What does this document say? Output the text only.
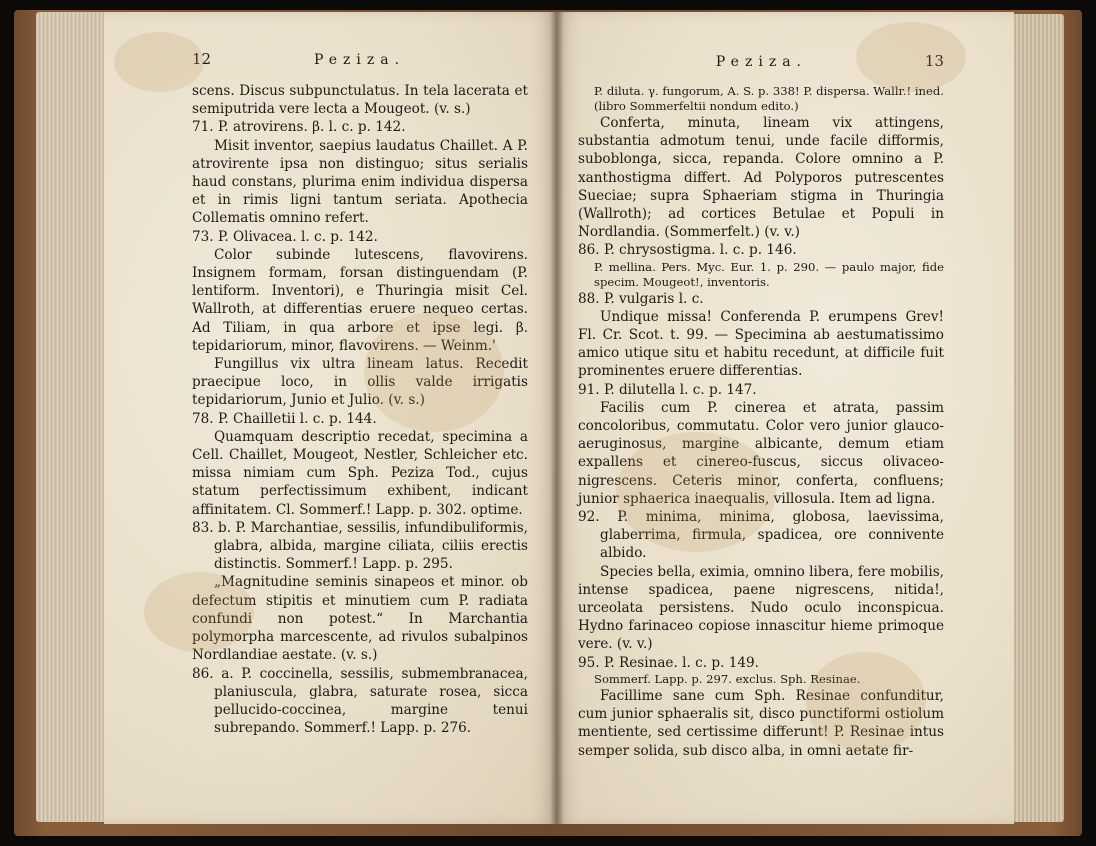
12	Peziza.

scens. Discus subpunctulatus. In tela lacerata et semiputrida vere lecta a Mougeot. (v. s.)

71. P. atrovirens. β. l. c. p. 142.

Misit inventor, saepius laudatus Chaillet. A P. atrovirente ipsa non distinguo; situs serialis haud constans, plurima enim individua dispersa et in rimis ligni tantum seriata. Apothecia Collematis omnino refert.

73. P. Olivacea. l. c. p. 142.

Color subinde lutescens, flavovirens. Insignem formam, forsan distinguendam (P. lentiform. Inventori), e Thuringia misit Cel. Wallroth, at differentias eruere nequeo certas. Ad Tiliam, in qua arbore et ipse legi. β. tepidariorum, minor, flavovirens. — Weinm.'

Fungillus vix ultra lineam latus. Recedit praecipue loco, in ollis valde irrigatis tepidariorum, Junio et Julio. (v. s.)

78. P. Chailletii l. c. p. 144.

Quamquam descriptio recedat, specimina a Cell. Chaillet, Mougeot, Nestler, Schleicher etc. missa nimiam cum Sph. Peziza Tod., cujus statum perfectissimum exhibent, indicant affinitatem. Cl. Sommerf.! Lapp. p. 302. optime.

83. b. P. Marchantiae, sessilis, infundibuliformis, glabra, albida, margine ciliata, ciliis erectis distinctis. Sommerf.! Lapp. p. 295.

„Magnitudine seminis sinapeos et minor. ob defectum stipitis et minutiem cum P. radiata confundi non potest.“ In Marchantia polymorpha marcescente, ad rivulos subalpinos Nordlandiae aestate. (v. s.)

86. a. P. coccinella, sessilis, submembranacea, planiuscula, glabra, saturate rosea, sicca pellucido-coccinea, margine tenui subrepando. Sommerf.! Lapp. p. 276.

Peziza.	13

P. diluta. γ. fungorum, A. S. p. 338! P. dispersa. Wallr.! ined. (libro Sommerfeltii nondum edito.)

Conferta, minuta, lineam vix attingens, substantia admotum tenui, unde facile difformis, suboblonga, sicca, repanda. Colore omnino a P. xanthostigma differt. Ad Polyporos putrescentes Sueciae; supra Sphaeriam stigma in Thuringia (Wallroth); ad cortices Betulae et Populi in Nordlandia. (Sommerfelt.) (v. v.)

86. P. chrysostigma. l. c. p. 146.

P. mellina. Pers. Myc. Eur. 1. p. 290. — paulo major, fide specim. Mougeot!, inventoris.

88. P. vulgaris l. c.

Undique missa! Conferenda P. erumpens Grev! Fl. Cr. Scot. t. 99. — Specimina ab aestumatissimo amico utique situ et habitu recedunt, at difficile fuit prominentes eruere differentias.

91. P. dilutella l. c. p. 147.

Facilis cum P. cinerea et atrata, passim concoloribus, commutatu. Color vero junior glauco-aeruginosus, margine albicante, demum etiam expallens et cinereo-fuscus, siccus olivaceo-nigrescens. Ceteris minor, conferta, confluens; junior sphaerica inaequalis, villosula. Item ad ligna.

92. P. minima, minima, globosa, laevissima, glaberrima, firmula, spadicea, ore connivente albido.

Species bella, eximia, omnino libera, fere mobilis, intense spadicea, paene nigrescens, nitida!, urceolata persistens. Nudo oculo inconspicua. Hydno farinaceo copiose innascitur hieme primoque vere. (v. v.)

95. P. Resinae. l. c. p. 149.

Sommerf. Lapp. p. 297. exclus. Sph. Resinae.

Facillime sane cum Sph. Resinae confunditur, cum junior sphaeralis sit, disco punctiformi ostiolum mentiente, sed certissime differunt! P. Resinae intus semper solida, sub disco alba, in omni aetate fir-
